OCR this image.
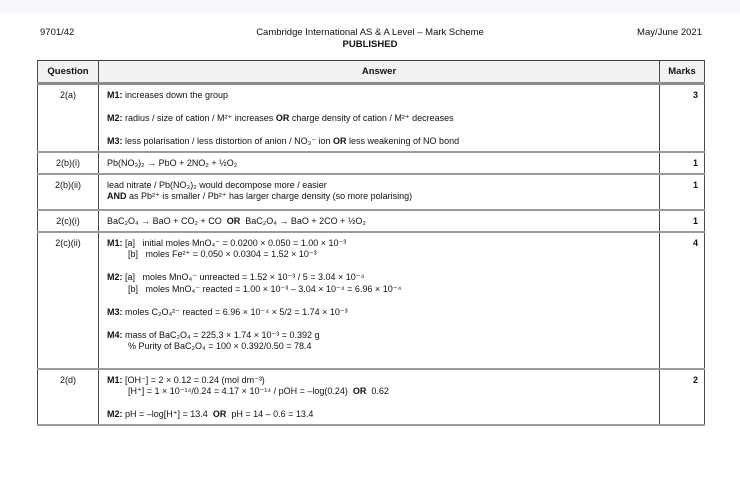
9701/42	Cambridge International AS & A Level – Mark Scheme
PUBLISHED
May/June 2021
Question	Answer	Marks
2(a)	M1: increases down the group

M2: radius / size of cation / M²⁺ increases OR charge density of cation / M²⁺ decreases

M3: less polarisation / less distortion of anion / NO₃⁻ ion OR less weakening of NO bond	3
2(b)(i)	Pb(NO₃)₂ → PbO + 2NO₂ + ½O₂	1
2(b)(ii)	lead nitrate / Pb(NO₃)₂ would decompose more / easier
AND as Pb²⁺ is smaller / Pb²⁺ has larger charge density (so more polarising)	1
2(c)(i)	BaC₂O₄ → BaO + CO₂ + CO  OR  BaC₂O₄ → BaO + 2CO + ½O₂	1
2(c)(ii)	M1: [a]   initial moles MnO₄⁻ = 0.0200 × 0.050 = 1.00 × 10⁻³
[b]   moles Fe²⁺ = 0.050 × 0.0304 = 1.52 × 10⁻³

M2: [a]   moles MnO₄⁻ unreacted = 1.52 × 10⁻³ / 5 = 3.04 × 10⁻⁴
[b]   moles MnO₄⁻ reacted = 1.00 × 10⁻³ – 3.04 × 10⁻⁴ = 6.96 × 10⁻⁴

M3: moles C₂O₄²⁻ reacted = 6.96 × 10⁻⁴ × 5/2 = 1.74 × 10⁻³

M4: mass of BaC₂O₄ = 225.3 × 1.74 × 10⁻³ = 0.392 g
% Purity of BaC₂O₄ = 100 × 0.392/0.50 = 78.4
	4
2(d)	M1: [OH⁻] = 2 × 0.12 = 0.24 (mol dm⁻³)
[H⁺] = 1 × 10⁻¹⁴/0.24 = 4.17 × 10⁻¹⁴ / pOH = –log(0.24)  OR  0.62

M2: pH = –log[H⁺] = 13.4  OR  pH = 14 – 0.6 = 13.4	2
